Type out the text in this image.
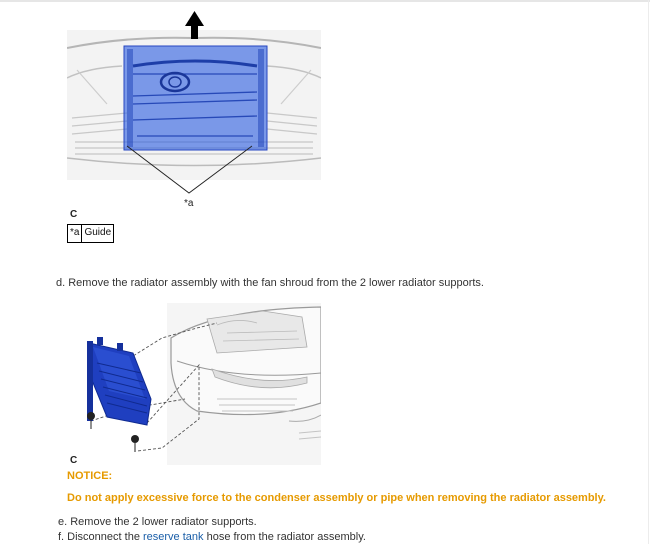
*a
C
*a Guide
d. Remove the radiator assembly with the fan shroud from the 2 lower radiator supports.
C
NOTICE:
Do not apply excessive force to the condenser assembly or pipe when removing the radiator assembly.
e. Remove the 2 lower radiator supports.
f. Disconnect the reserve tank hose from the radiator assembly.
